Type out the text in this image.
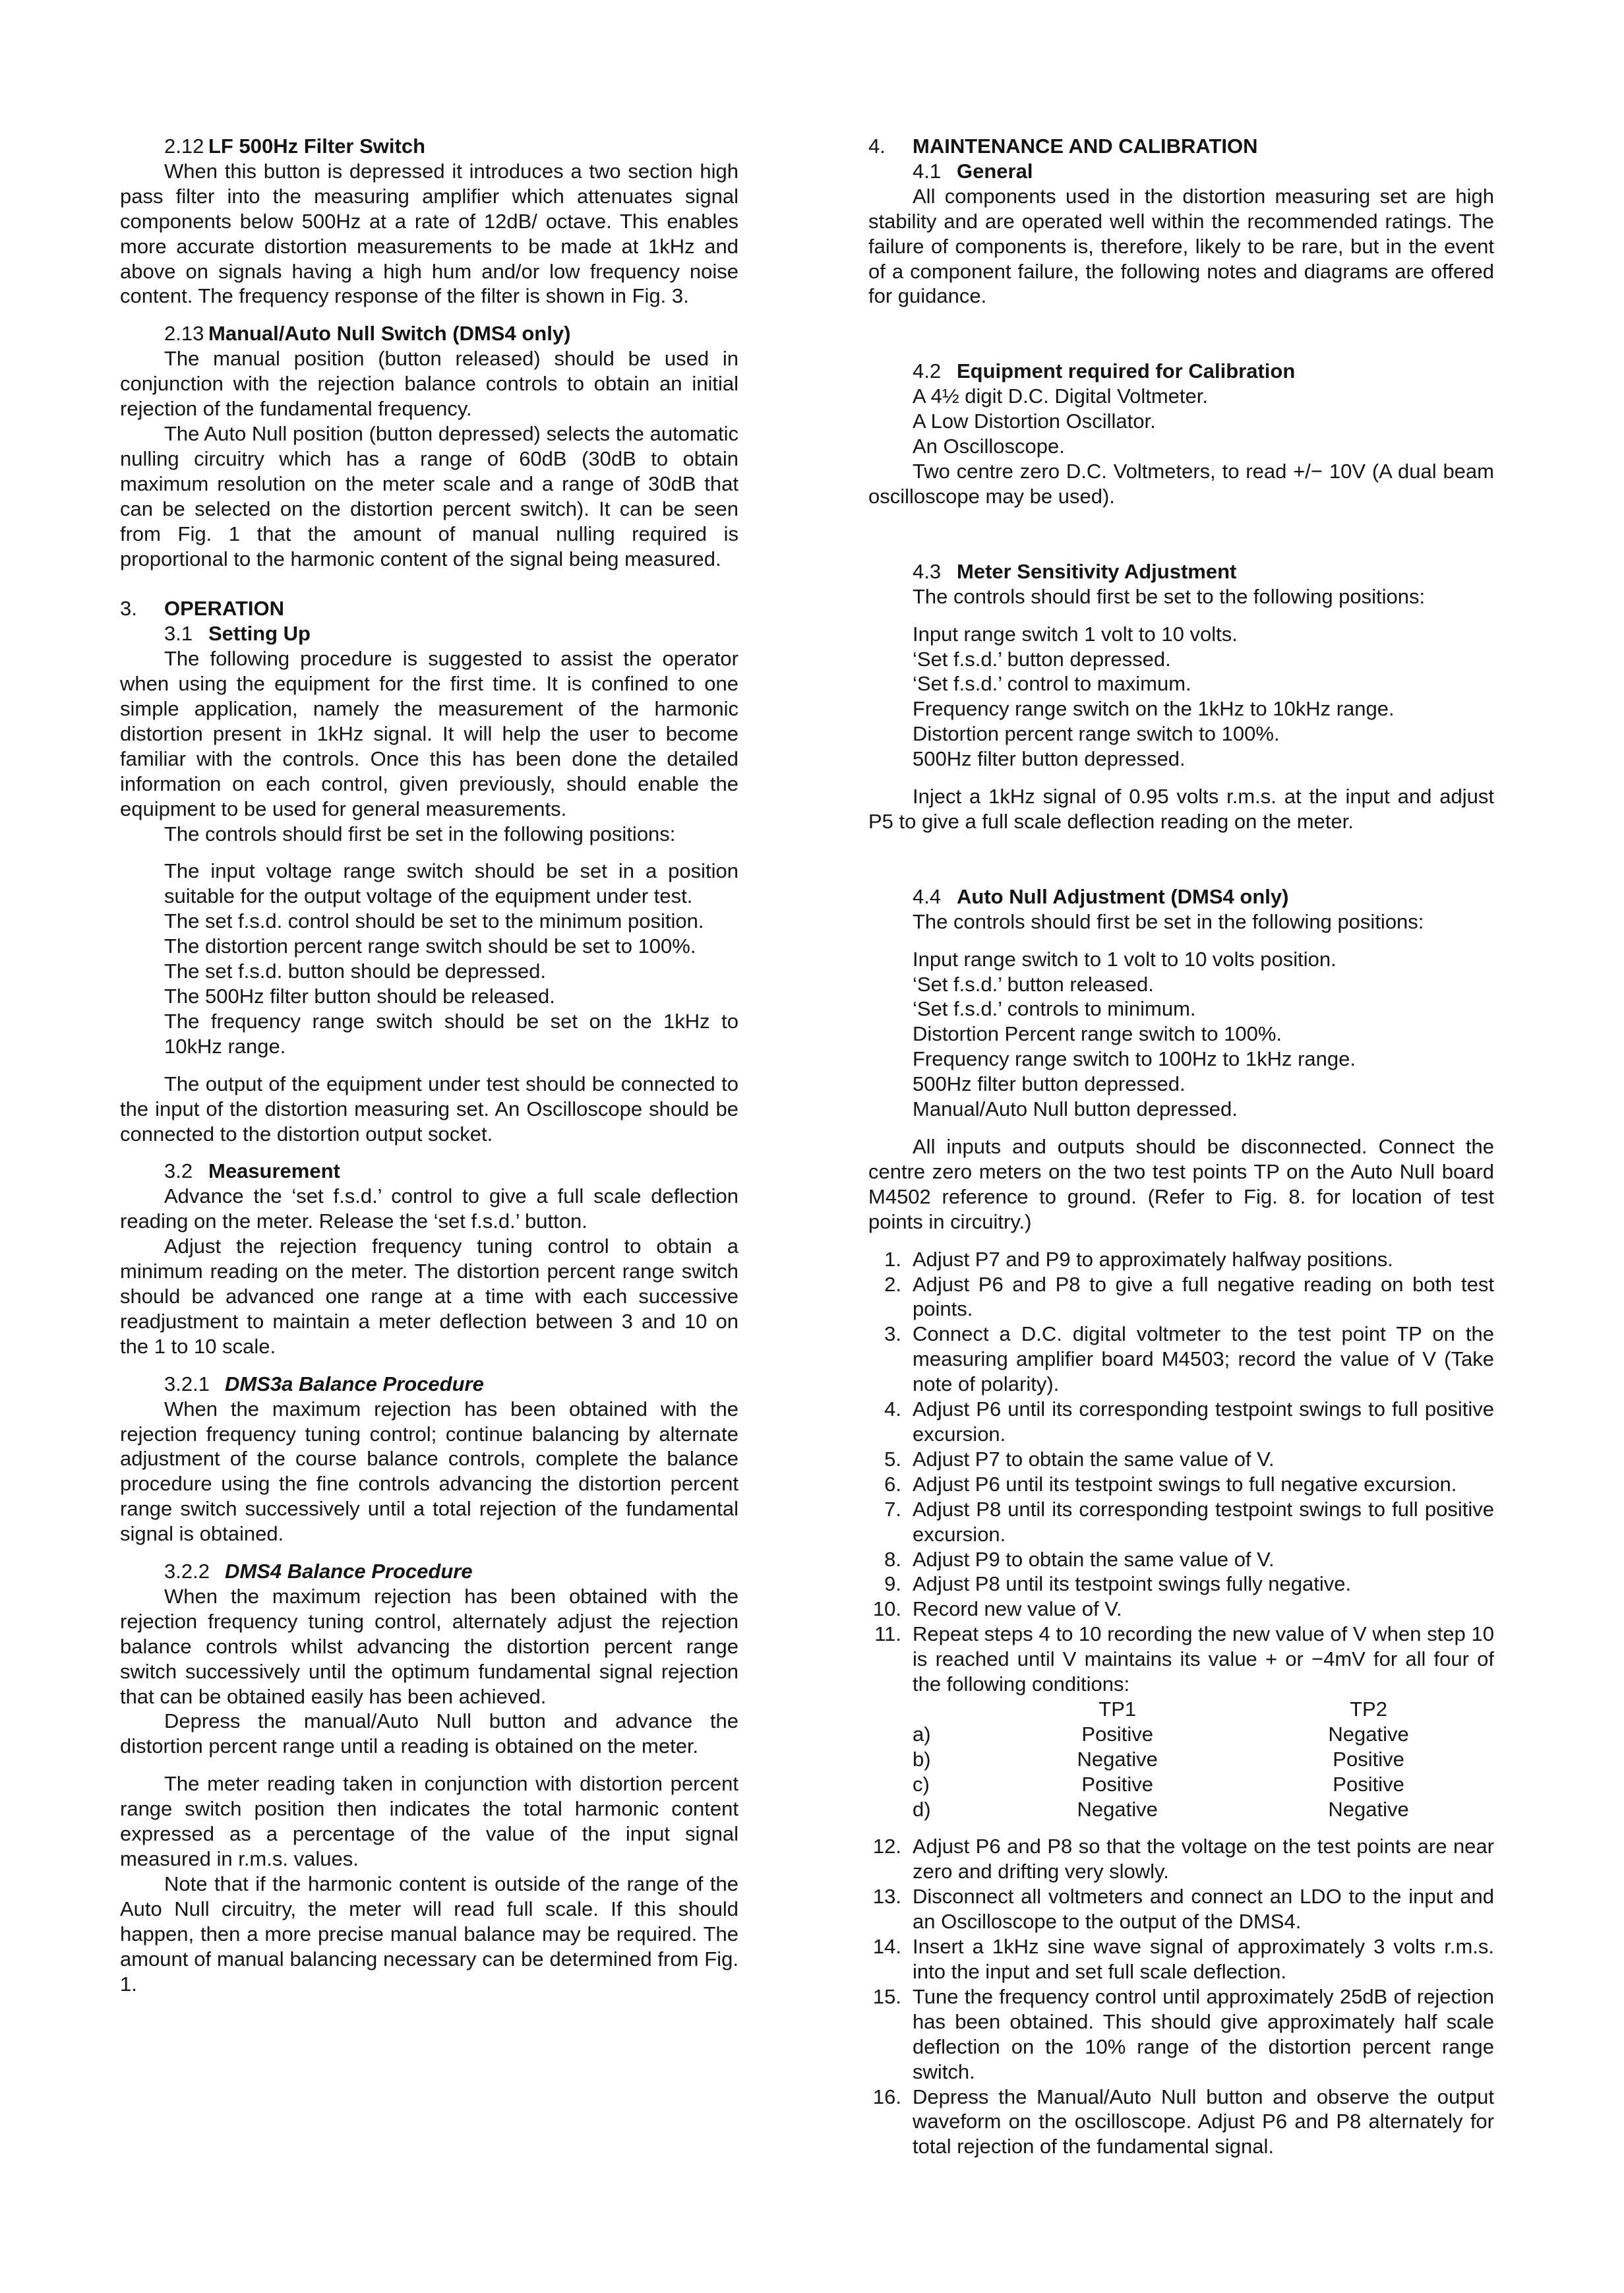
2.12 LF 500Hz Filter Switch

When this button is depressed it introduces a two section high pass filter into the measuring amplifier which attenuates signal components below 500Hz at a rate of 12dB/ octave. This enables more accurate distortion measurements to be made at 1kHz and above on signals having a high hum and/or low frequency noise content. The frequency response of the filter is shown in Fig. 3.

2.13 Manual/Auto Null Switch (DMS4 only)

The manual position (button released) should be used in conjunction with the rejection balance controls to obtain an initial rejection of the fundamental frequency.

The Auto Null position (button depressed) selects the automatic nulling circuitry which has a range of 60dB (30dB to obtain maximum resolution on the meter scale and a range of 30dB that can be selected on the distortion percent switch). It can be seen from Fig. 1 that the amount of manual nulling required is proportional to the harmonic content of the signal being measured.

3. OPERATION
3.1 Setting Up

The following procedure is suggested to assist the operator when using the equipment for the first time. It is confined to one simple application, namely the measurement of the harmonic distortion present in 1kHz signal. It will help the user to become familiar with the controls. Once this has been done the detailed information on each control, given previously, should enable the equipment to be used for general measurements.

The controls should first be set in the following positions:

The input voltage range switch should be set in a position suitable for the output voltage of the equipment under test.

The set f.s.d. control should be set to the minimum position.

The distortion percent range switch should be set to 100%.

The set f.s.d. button should be depressed.

The 500Hz filter button should be released.

The frequency range switch should be set on the 1kHz to 10kHz range.

The output of the equipment under test should be connected to the input of the distortion measuring set. An Oscilloscope should be connected to the distortion output socket.

3.2 Measurement

Advance the ‘set f.s.d.’ control to give a full scale deflection reading on the meter. Release the ‘set f.s.d.’ button.

Adjust the rejection frequency tuning control to obtain a minimum reading on the meter. The distortion percent range switch should be advanced one range at a time with each successive readjustment to maintain a meter deflection between 3 and 10 on the 1 to 10 scale.

3.2.1 DMS3a Balance Procedure

When the maximum rejection has been obtained with the rejection frequency tuning control; continue balancing by alternate adjustment of the course balance controls, complete the balance procedure using the fine controls advancing the distortion percent range switch successively until a total rejection of the fundamental signal is obtained.

3.2.2 DMS4 Balance Procedure

When the maximum rejection has been obtained with the rejection frequency tuning control, alternately adjust the rejection balance controls whilst advancing the distortion percent range switch successively until the optimum fundamental signal rejection that can be obtained easily has been achieved.

Depress the manual/Auto Null button and advance the distortion percent range until a reading is obtained on the meter.

The meter reading taken in conjunction with distortion percent range switch position then indicates the total harmonic content expressed as a percentage of the value of the input signal measured in r.m.s. values.

Note that if the harmonic content is outside of the range of the Auto Null circuitry, the meter will read full scale. If this should happen, then a more precise manual balance may be required. The amount of manual balancing necessary can be determined from Fig. 1.

4. MAINTENANCE AND CALIBRATION
4.1 General

All components used in the distortion measuring set are high stability and are operated well within the recommended ratings. The failure of components is, therefore, likely to be rare, but in the event of a component failure, the following notes and diagrams are offered for guidance.

4.2 Equipment required for Calibration

A 4½ digit D.C. Digital Voltmeter.

A Low Distortion Oscillator.

An Oscilloscope.

Two centre zero D.C. Voltmeters, to read +/− 10V (A dual beam oscilloscope may be used).

4.3 Meter Sensitivity Adjustment

The controls should first be set to the following positions:

Input range switch 1 volt to 10 volts.

‘Set f.s.d.’ button depressed.

‘Set f.s.d.’ control to maximum.

Frequency range switch on the 1kHz to 10kHz range.

Distortion percent range switch to 100%.

500Hz filter button depressed.

Inject a 1kHz signal of 0.95 volts r.m.s. at the input and adjust P5 to give a full scale deflection reading on the meter.

4.4 Auto Null Adjustment (DMS4 only)

The controls should first be set in the following positions:

Input range switch to 1 volt to 10 volts position.

‘Set f.s.d.’ button released.

‘Set f.s.d.’ controls to minimum.

Distortion Percent range switch to 100%.

Frequency range switch to 100Hz to 1kHz range.

500Hz filter button depressed.

Manual/Auto Null button depressed.

All inputs and outputs should be disconnected. Connect the centre zero meters on the two test points TP on the Auto Null board M4502 reference to ground. (Refer to Fig. 8. for location of test points in circuitry.)

1. Adjust P7 and P9 to approximately halfway positions.
2. Adjust P6 and P8 to give a full negative reading on both test points.
3. Connect a D.C. digital voltmeter to the test point TP on the measuring amplifier board M4503; record the value of V (Take note of polarity).
4. Adjust P6 until its corresponding testpoint swings to full positive excursion.
5. Adjust P7 to obtain the same value of V.
6. Adjust P6 until its testpoint swings to full negative excursion.
7. Adjust P8 until its corresponding testpoint swings to full positive excursion.
8. Adjust P9 to obtain the same value of V.
9. Adjust P8 until its testpoint swings fully negative.
10. Record new value of V.
11. Repeat steps 4 to 10 recording the new value of V when step 10 is reached until V maintains its value + or −4mV for all four of the following conditions:
	TP1	TP2
a)	Positive	Negative
b)	Negative	Positive
c)	Positive	Positive
d)	Negative	Negative
12. Adjust P6 and P8 so that the voltage on the test points are near zero and drifting very slowly.
13. Disconnect all voltmeters and connect an LDO to the input and an Oscilloscope to the output of the DMS4.
14. Insert a 1kHz sine wave signal of approximately 3 volts r.m.s. into the input and set full scale deflection.
15. Tune the frequency control until approximately 25dB of rejection has been obtained. This should give approximately half scale deflection on the 10% range of the distortion percent range switch.
16. Depress the Manual/Auto Null button and observe the output waveform on the oscilloscope. Adjust P6 and P8 alternately for total rejection of the fundamental signal.
